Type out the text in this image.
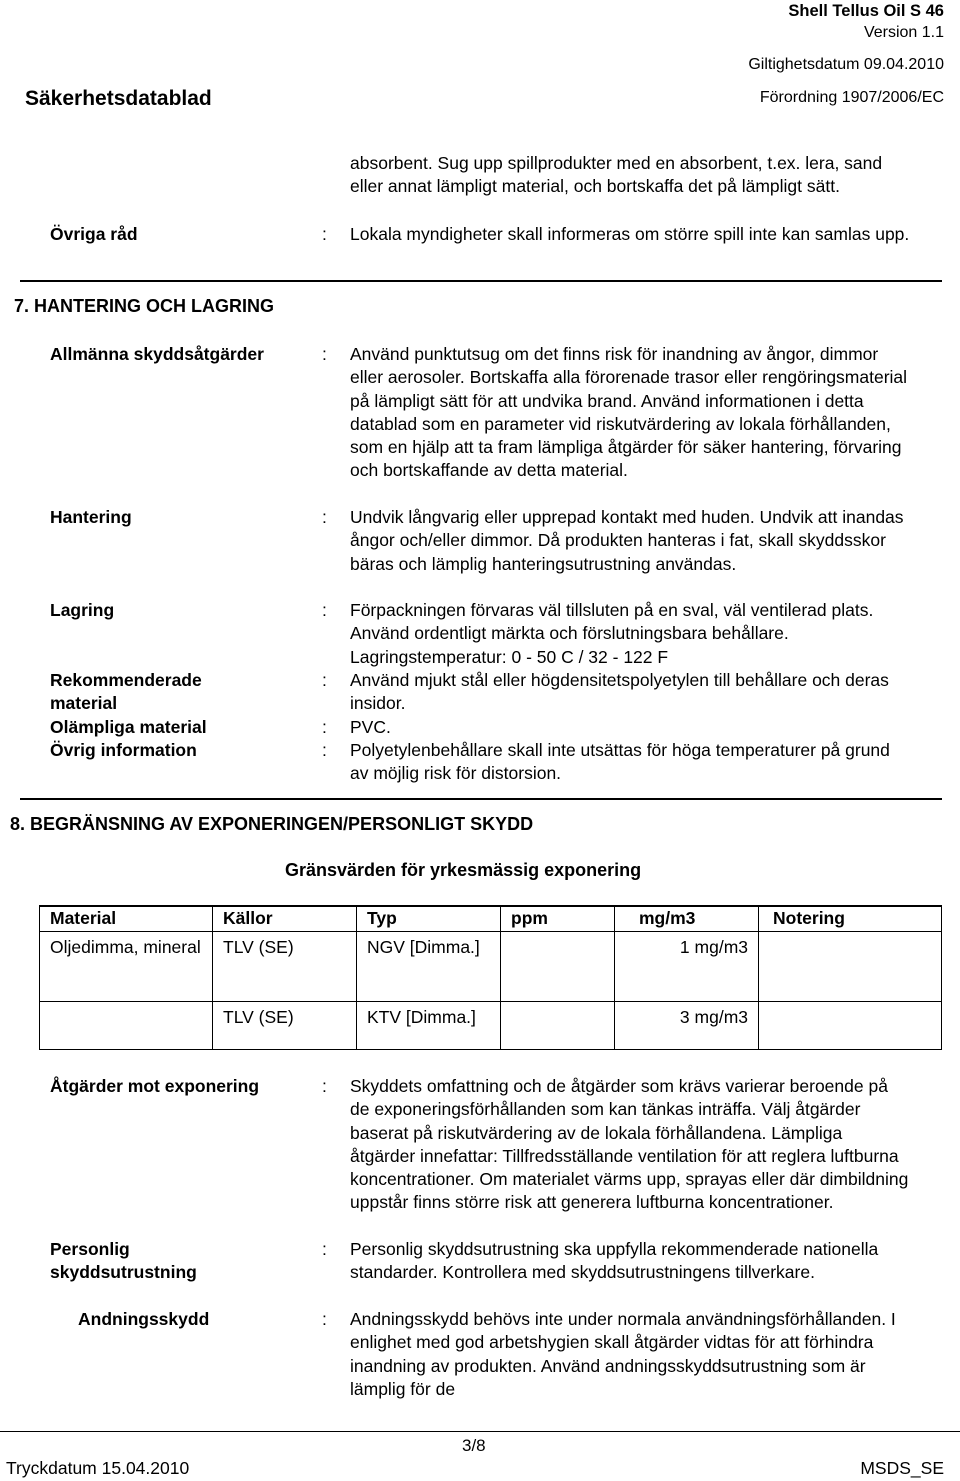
Shell Tellus Oil S 46
Version 1.1
Giltighetsdatum 09.04.2010
Säkerhetsdatablad	Förordning 1907/2006/EC
absorbent. Sug upp spillprodukter med en absorbent, t.ex. lera, sand eller annat lämpligt material, och bortskaffa det på lämpligt sätt.
Övriga råd	: Lokala myndigheter skall informeras om större spill inte kan samlas upp.
7. HANTERING OCH LAGRING
Allmänna skyddsåtgärder	: Använd punktutsug om det finns risk för inandning av ångor, dimmor eller aerosoler. Bortskaffa alla förorenade trasor eller rengöringsmaterial på lämpligt sätt för att undvika brand. Använd informationen i detta datablad som en parameter vid riskutvärdering av lokala förhållanden, som en hjälp att ta fram lämpliga åtgärder för säker hantering, förvaring och bortskaffande av detta material.
Hantering	: Undvik långvarig eller upprepad kontakt med huden. Undvik att inandas ångor och/eller dimmor. Då produkten hanteras i fat, skall skyddsskor bäras och lämplig hanteringsutrustning användas.
Lagring	: Förpackningen förvaras väl tillsluten på en sval, väl ventilerad plats. Använd ordentligt märkta och förslutningsbara behållare. Lagringstemperatur: 0 - 50 C / 32 - 122 F
Rekommenderade material
: Använd mjukt stål eller högdensitetspolyetylen till behållare och deras insidor.
Olämpliga material	: PVC.
Övrig information	: Polyetylenbehållare skall inte utsättas för höga temperaturer på grund av möjlig risk för distorsion.
8. BEGRÄNSNING AV EXPONERINGEN/PERSONLIGT SKYDD
Gränsvärden för yrkesmässig exponering
Material	Källor	Typ	ppm	mg/m3	Notering
Oljedimma, mineral	TLV (SE)	NGV [Dimma.]		1 mg/m3	
	TLV (SE)	KTV [Dimma.]		3 mg/m3	
Åtgärder mot exponering	: Skyddets omfattning och de åtgärder som krävs varierar beroende på de exponeringsförhållanden som kan tänkas inträffa. Välj åtgärder baserat på riskutvärdering av de lokala förhållandena. Lämpliga åtgärder innefattar: Tillfredsställande ventilation för att reglera luftburna koncentrationer. Om materialet värms upp, sprayas eller där dimbildning uppstår finns större risk att generera luftburna koncentrationer.
Personlig skyddsutrustning
: Personlig skyddsutrustning ska uppfylla rekommenderade nationella standarder. Kontrollera med skyddsutrustningens tillverkare.
Andningsskydd	: Andningsskydd behövs inte under normala användningsförhållanden. I enlighet med god arbetshygien skall åtgärder vidtas för att förhindra inandning av produkten. Använd andningsskyddsutrustning som är lämplig för de
3/8
Tryckdatum 15.04.2010	MSDS_SE
